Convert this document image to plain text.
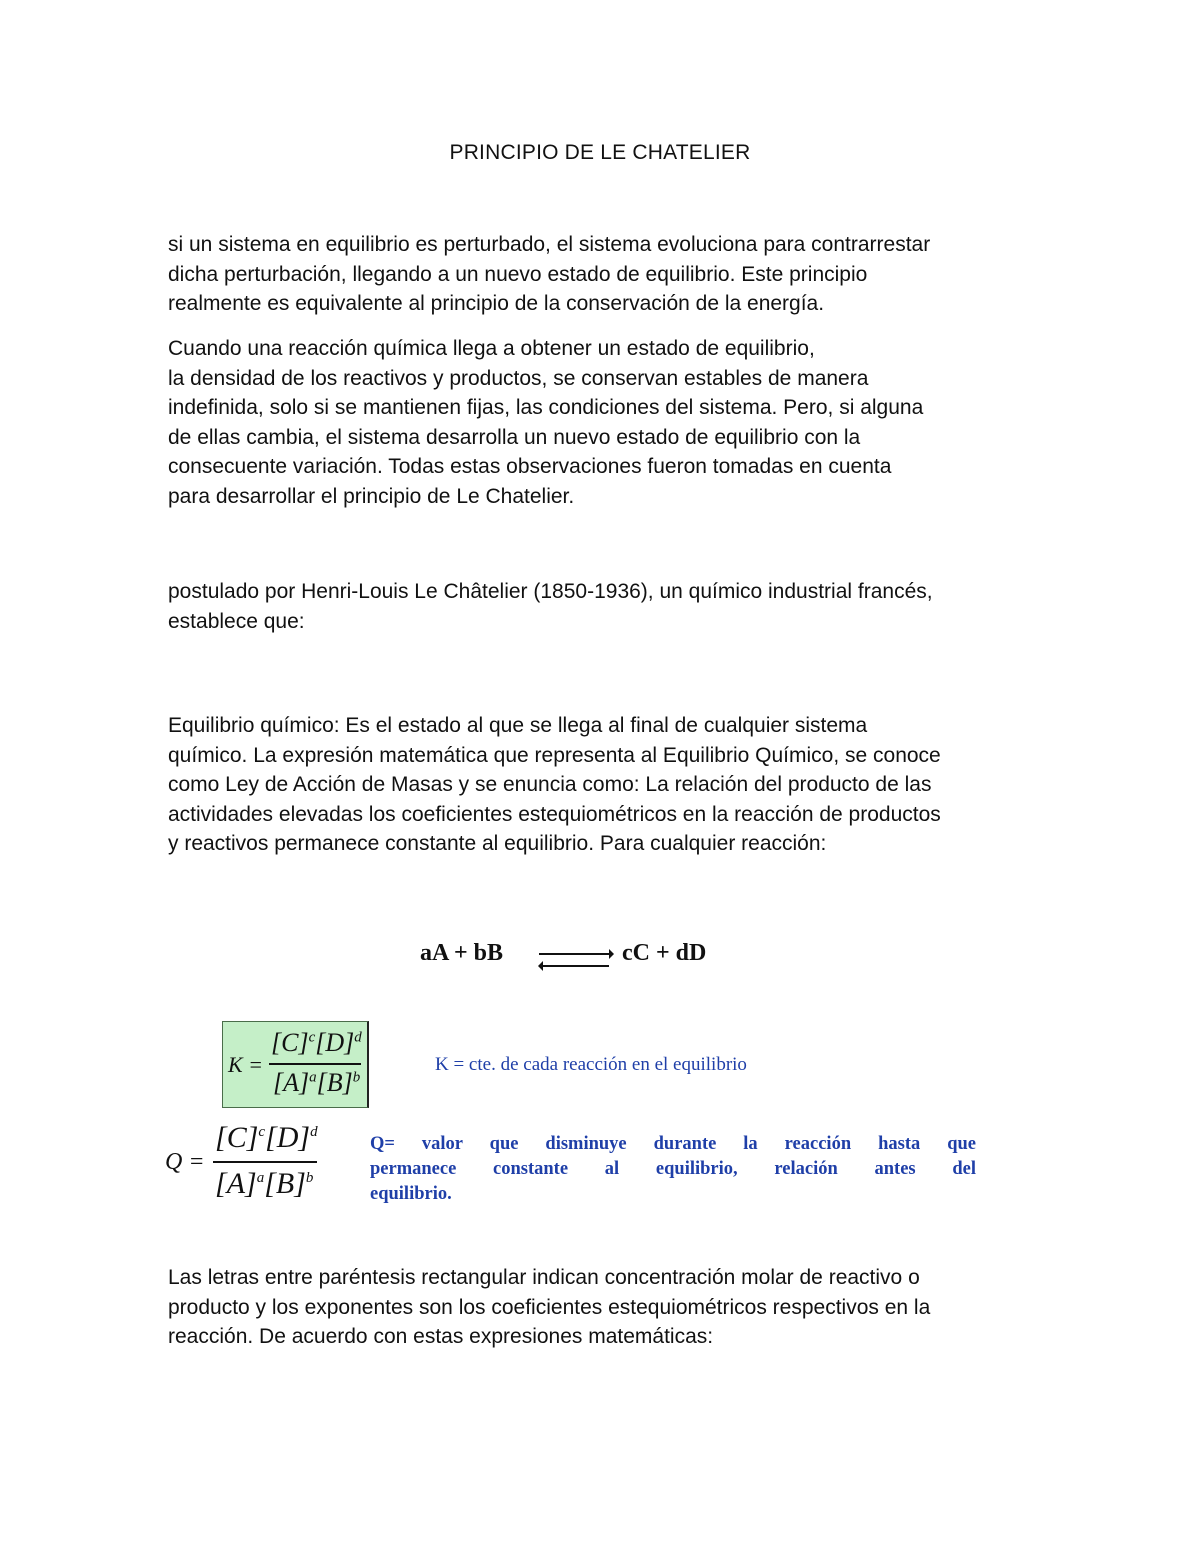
PRINCIPIO DE LE CHATELIER
si un sistema en equilibrio es perturbado, el sistema evoluciona para contrarrestar
dicha perturbación, llegando a un nuevo estado de equilibrio. Este principio
realmente es equivalente al principio de la conservación de la energía.
Cuando una reacción química llega a obtener un estado de equilibrio,
la densidad de los reactivos y productos, se conservan estables de manera
indefinida, solo si se mantienen fijas, las condiciones del sistema. Pero, si alguna
de ellas cambia, el sistema desarrolla un nuevo estado de equilibrio con la
consecuente variación. Todas estas observaciones fueron tomadas en cuenta
para desarrollar el principio de Le Chatelier.
postulado por Henri-Louis Le Châtelier (1850-1936), un químico industrial francés,
establece que:
Equilibrio químico: Es el estado al que se llega al final de cualquier sistema
químico. La expresión matemática que representa al Equilibrio Químico, se conoce
como Ley de Acción de Masas y se enuncia como: La relación del producto de las
actividades elevadas los coeficientes estequiométricos en la reacción de productos
y reactivos permanece constante al equilibrio. Para cualquier reacción:
aA + bB	cC + dD
K =
$[C]^c[D]^d$
$[A]^a[B]^b$
K = cte. de cada reacción en el equilibrio
Q =
$[C]^c[D]^d$
$[A]^a[B]^b$
Q= valor que disminuye durante la reacción hasta que
permanece constante al equilibrio, relación antes del
equilibrio.
Las letras entre paréntesis rectangular indican concentración molar de reactivo o
producto y los exponentes son los coeficientes estequiométricos respectivos en la
reacción. De acuerdo con estas expresiones matemáticas:
